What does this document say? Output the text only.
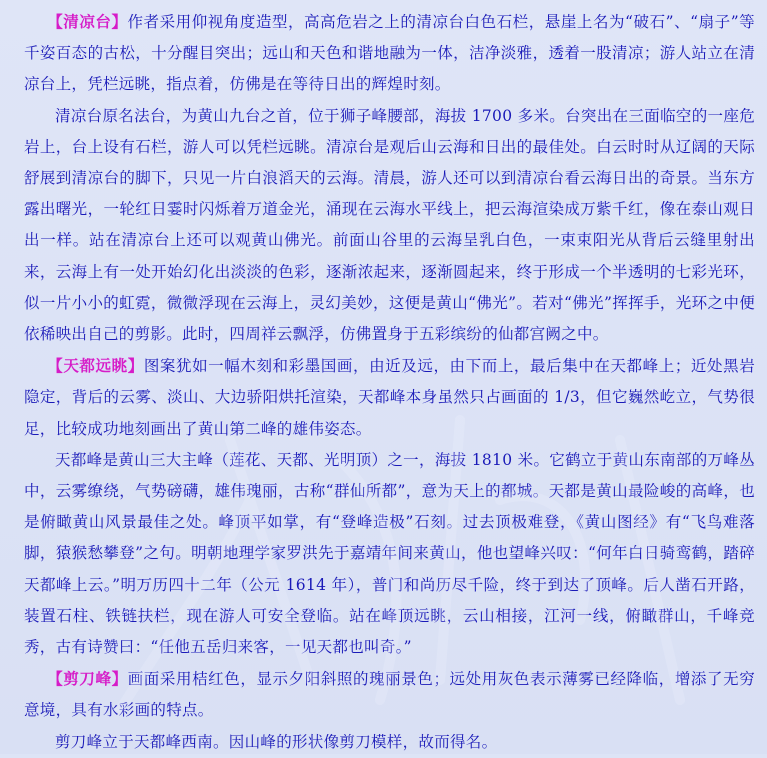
【清凉台】作者采用仰视角度造型，高高危岩之上的清凉台白色石栏，悬崖上名为“破石”、“扇子”等千姿百态的古松，十分醒目突出；远山和天色和谐地融为一体，洁净淡雅，透着一股清凉；游人站立在清凉台上，凭栏远眺，指点着，仿佛是在等待日出的辉煌时刻。

清凉台原名法台，为黄山九台之首，位于狮子峰腰部，海拔 1700 多米。台突出在三面临空的一座危岩上，台上设有石栏，游人可以凭栏远眺。清凉台是观后山云海和日出的最佳处。白云时时从辽阔的天际舒展到清凉台的脚下，只见一片白浪滔天的云海。清晨，游人还可以到清凉台看云海日出的奇景。当东方露出曙光，一轮红日霎时闪烁着万道金光，涌现在云海水平线上，把云海渲染成万紫千红，像在泰山观日出一样。站在清凉台上还可以观黄山佛光。前面山谷里的云海呈乳白色，一束束阳光从背后云缝里射出来，云海上有一处开始幻化出淡淡的色彩，逐渐浓起来，逐渐圆起来，终于形成一个半透明的七彩光环，似一片小小的虹霓，微微浮现在云海上，灵幻美妙，这便是黄山“佛光”。若对“佛光”挥挥手，光环之中便依稀映出自己的剪影。此时，四周祥云飘浮，仿佛置身于五彩缤纷的仙都宫阙之中。

【天都远眺】图案犹如一幅木刻和彩墨国画，由近及远，由下而上，最后集中在天都峰上；近处黑岩隐定，背后的云雾、淡山、大边骄阳烘托渲染，天都峰本身虽然只占画面的 1/3，但它巍然屹立，气势很足，比较成功地刻画出了黄山第二峰的雄伟姿态。

天都峰是黄山三大主峰（莲花、天都、光明顶）之一，海拔 1810 米。它鹤立于黄山东南部的万峰丛中，云雾缭绕，气势磅礴，雄伟瑰丽，古称“群仙所都”，意为天上的都城。天都是黄山最险峻的高峰，也是俯瞰黄山风景最佳之处。峰顶平如掌，有“登峰造极”石刻。过去顶极难登，《黄山图经》有“飞鸟难落脚，猿猴愁攀登”之句。明朝地理学家罗洪先于嘉靖年间来黄山，他也望峰兴叹：“何年白日骑鸾鹤，踏碎天都峰上云。”明万历四十二年（公元 1614 年），普门和尚历尽千险，终于到达了顶峰。后人凿石开路，装置石柱、铁链扶栏，现在游人可安全登临。站在峰顶远眺，云山相接，江河一线，俯瞰群山，千峰竞秀，古有诗赞曰：“任他五岳归来客，一见天都也叫奇。”

【剪刀峰】画面采用桔红色，显示夕阳斜照的瑰丽景色；远处用灰色表示薄雾已经降临，增添了无穷意境，具有水彩画的特点。

剪刀峰立于天都峰西南。因山峰的形状像剪刀模样，故而得名。
